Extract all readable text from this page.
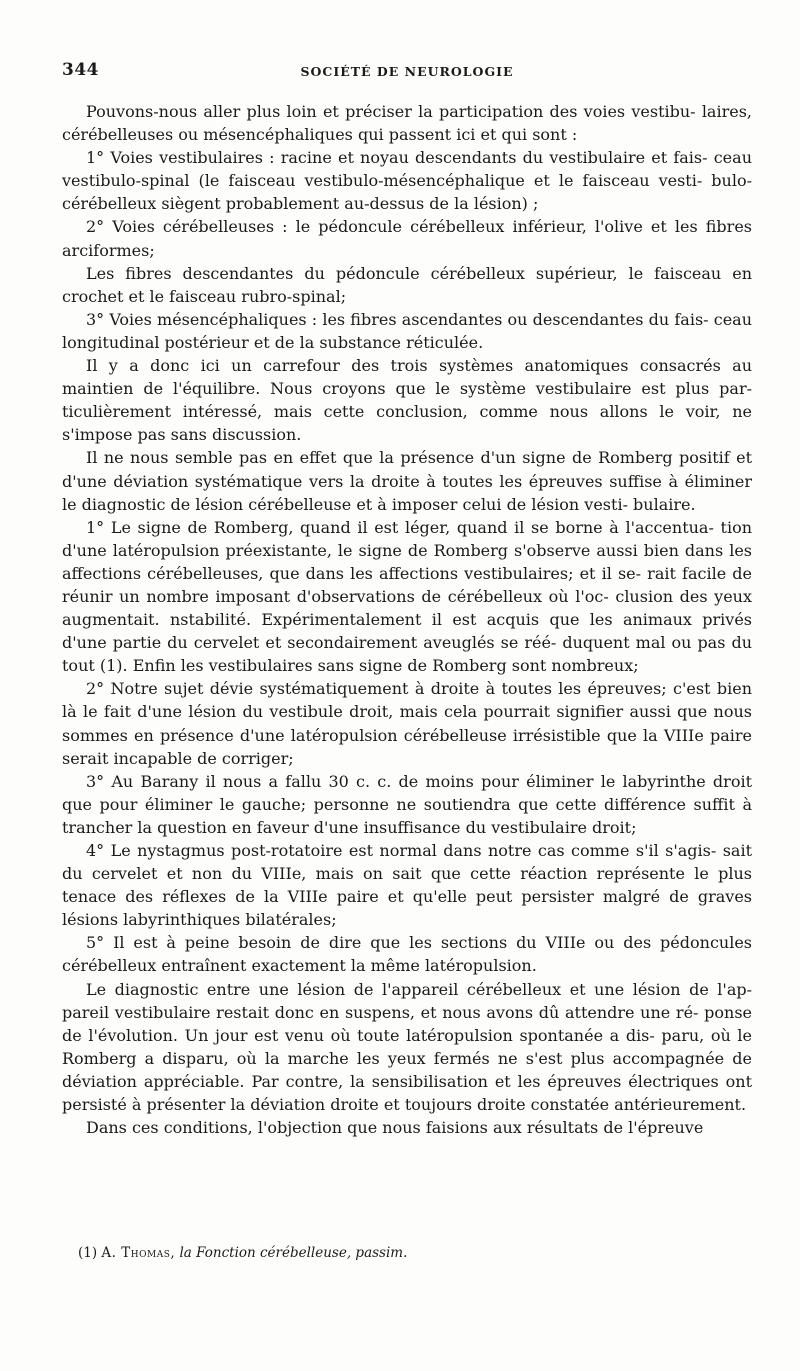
344	SOCIÉTÉ DE NEUROLOGIE

Pouvons-nous aller plus loin et préciser la participation des voies vestibu- laires, cérébelleuses ou mésencéphaliques qui passent ici et qui sont :

1° Voies vestibulaires : racine et noyau descendants du vestibulaire et fais- ceau vestibulo-spinal (le faisceau vestibulo-mésencéphalique et le faisceau vesti- bulo-cérébelleux siègent probablement au-dessus de la lésion) ;

2° Voies cérébelleuses : le pédoncule cérébelleux inférieur, l'olive et les fibres arciformes;

Les fibres descendantes du pédoncule cérébelleux supérieur, le faisceau en crochet et le faisceau rubro-spinal;

3° Voies mésencéphaliques : les fibres ascendantes ou descendantes du fais- ceau longitudinal postérieur et de la substance réticulée.

Il y a donc ici un carrefour des trois systèmes anatomiques consacrés au maintien de l'équilibre. Nous croyons que le système vestibulaire est plus par- ticulièrement intéressé, mais cette conclusion, comme nous allons le voir, ne s'impose pas sans discussion.

Il ne nous semble pas en effet que la présence d'un signe de Romberg positif et d'une déviation systématique vers la droite à toutes les épreuves suffise à éliminer le diagnostic de lésion cérébelleuse et à imposer celui de lésion vesti- bulaire.

1° Le signe de Romberg, quand il est léger, quand il se borne à l'accentua- tion d'une latéropulsion préexistante, le signe de Romberg s'observe aussi bien dans les affections cérébelleuses, que dans les affections vestibulaires; et il se- rait facile de réunir un nombre imposant d'observations de cérébelleux où l'oc- clusion des yeux augmentait. nstabilité. Expérimentalement il est acquis que les animaux privés d'une partie du cervelet et secondairement aveuglés se réé- duquent mal ou pas du tout (1). Enfin les vestibulaires sans signe de Romberg sont nombreux;

2° Notre sujet dévie systématiquement à droite à toutes les épreuves; c'est bien là le fait d'une lésion du vestibule droit, mais cela pourrait signifier aussi que nous sommes en présence d'une latéropulsion cérébelleuse irrésistible que la VIIIe paire serait incapable de corriger;

3° Au Barany il nous a fallu 30 c. c. de moins pour éliminer le labyrinthe droit que pour éliminer le gauche; personne ne soutiendra que cette différence suffit à trancher la question en faveur d'une insuffisance du vestibulaire droit;

4° Le nystagmus post-rotatoire est normal dans notre cas comme s'il s'agis- sait du cervelet et non du VIIIe, mais on sait que cette réaction représente le plus tenace des réflexes de la VIIIe paire et qu'elle peut persister malgré de graves lésions labyrinthiques bilatérales;

5° Il est à peine besoin de dire que les sections du VIIIe ou des pédoncules cérébelleux entraînent exactement la même latéropulsion.

Le diagnostic entre une lésion de l'appareil cérébelleux et une lésion de l'ap- pareil vestibulaire restait donc en suspens, et nous avons dû attendre une ré- ponse de l'évolution. Un jour est venu où toute latéropulsion spontanée a dis- paru, où le Romberg a disparu, où la marche les yeux fermés ne s'est plus accompagnée de déviation appréciable. Par contre, la sensibilisation et les épreuves électriques ont persisté à présenter la déviation droite et toujours droite constatée antérieurement.

Dans ces conditions, l'objection que nous faisions aux résultats de l'épreuve

(1) A. Thomas, la Fonction cérébelleuse, passim.
